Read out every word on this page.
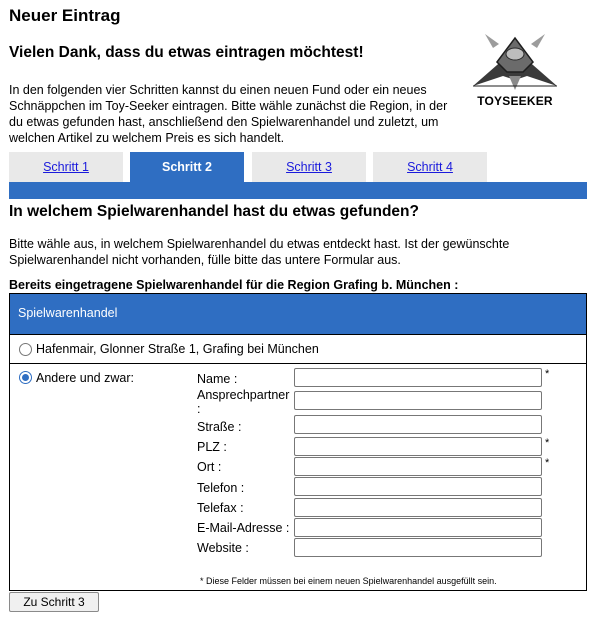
Neuer Eintrag
Vielen Dank, dass du etwas eintragen möchtest!

In den folgenden vier Schritten kannst du einen neuen Fund oder ein neues Schnäppchen im Toy-Seeker eintragen. Bitte wähle zunächst die Region, in der du etwas gefunden hast, anschließend den Spielwarenhandel und zuletzt, um welchen Artikel zu welchem Preis es sich handelt.

TOYSEEKER
Schritt 1	Schritt 2	Schritt 3	Schritt 4
In welchem Spielwarenhandel hast du etwas gefunden?

Bitte wähle aus, in welchem Spielwarenhandel du etwas entdeckt hast. Ist der gewünschte Spielwarenhandel nicht vorhanden, fülle bitte das untere Formular aus.

Bereits eingetragene Spielwarenhandel für die Region Grafing b. München :

Spielwarenhandel
Hafenmair, Glonner Straße 1, Grafing bei München
Andere und zwar:	Name :	*
Ansprechpartner :
Straße :
PLZ :	*
Ort :	*
Telefon :
Telefax :
E-Mail-Adresse :
Website :
* Diese Felder müssen bei einem neuen Spielwarenhandel ausgefüllt sein.
Zu Schritt 3
